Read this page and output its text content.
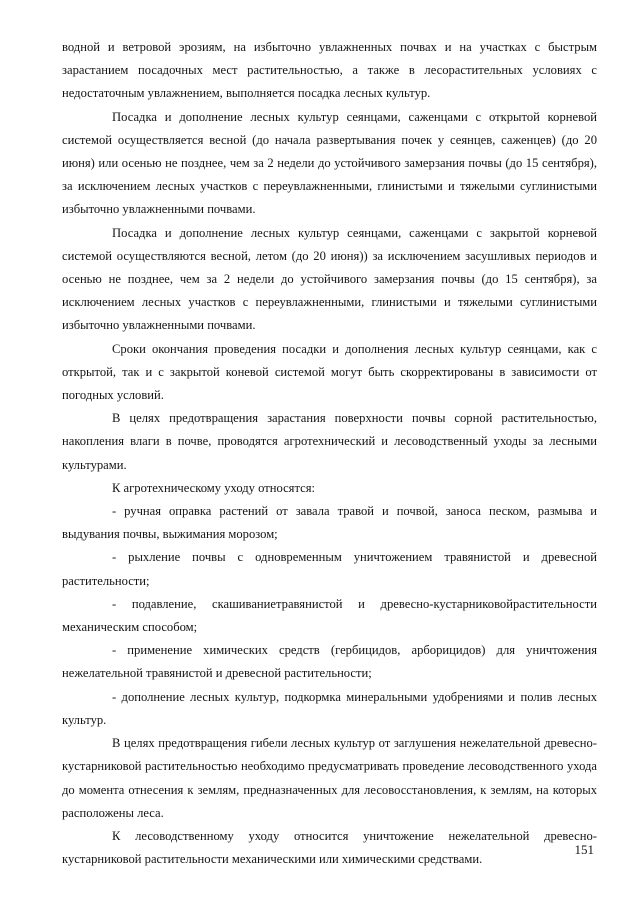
водной и ветровой эрозиям, на избыточно увлажненных почвах и на участках с быстрым зарастанием посадочных мест растительностью, а также в лесорастительных условиях с недостаточным увлажнением, выполняется посадка лесных культур.

Посадка и дополнение лесных культур сеянцами, саженцами с открытой корневой системой осуществляется весной (до начала развертывания почек у сеянцев, саженцев) (до 20 июня) или осенью не позднее, чем за 2 недели до устойчивого замерзания почвы (до 15 сентября), за исключением лесных участков с переувлажненными, глинистыми и тяжелыми суглинистыми избыточно увлажненными почвами.

Посадка и дополнение лесных культур сеянцами, саженцами с закрытой корневой системой осуществляются весной, летом (до 20 июня)) за исключением засушливых периодов и осенью не позднее, чем за 2 недели до устойчивого замерзания почвы (до 15 сентября), за исключением лесных участков с переувлажненными, глинистыми и тяжелыми суглинистыми избыточно увлажненными почвами.

Сроки окончания проведения посадки и дополнения лесных культур сеянцами, как с открытой, так и с закрытой коневой системой могут быть скорректированы в зависимости от погодных условий.

В целях предотвращения зарастания поверхности почвы сорной растительностью, накопления влаги в почве, проводятся агротехнический и лесоводственный уходы за лесными культурами.

К агротехническому уходу относятся:

- ручная оправка растений от завала травой и почвой, заноса песком, размыва и выдувания почвы, выжимания морозом;

- рыхление почвы с одновременным уничтожением травянистой и древесной растительности;

- подавление, скашиваниетравянистой и древесно-кустарниковойрастительности механическим способом;

- применение химических средств (гербицидов, арборицидов) для уничтожения нежелательной травянистой и древесной растительности;

- дополнение лесных культур, подкормка минеральными удобрениями и полив лесных культур.

В целях предотвращения гибели лесных культур от заглушения нежелательной древесно-кустарниковой растительностью необходимо предусматривать проведение лесоводственного ухода до момента отнесения к землям, предназначенных для лесовосстановления, к землям, на которых расположены леса.

К лесоводственному уходу относится уничтожение нежелательной древесно-кустарниковой растительности механическими или химическими средствами.

151
